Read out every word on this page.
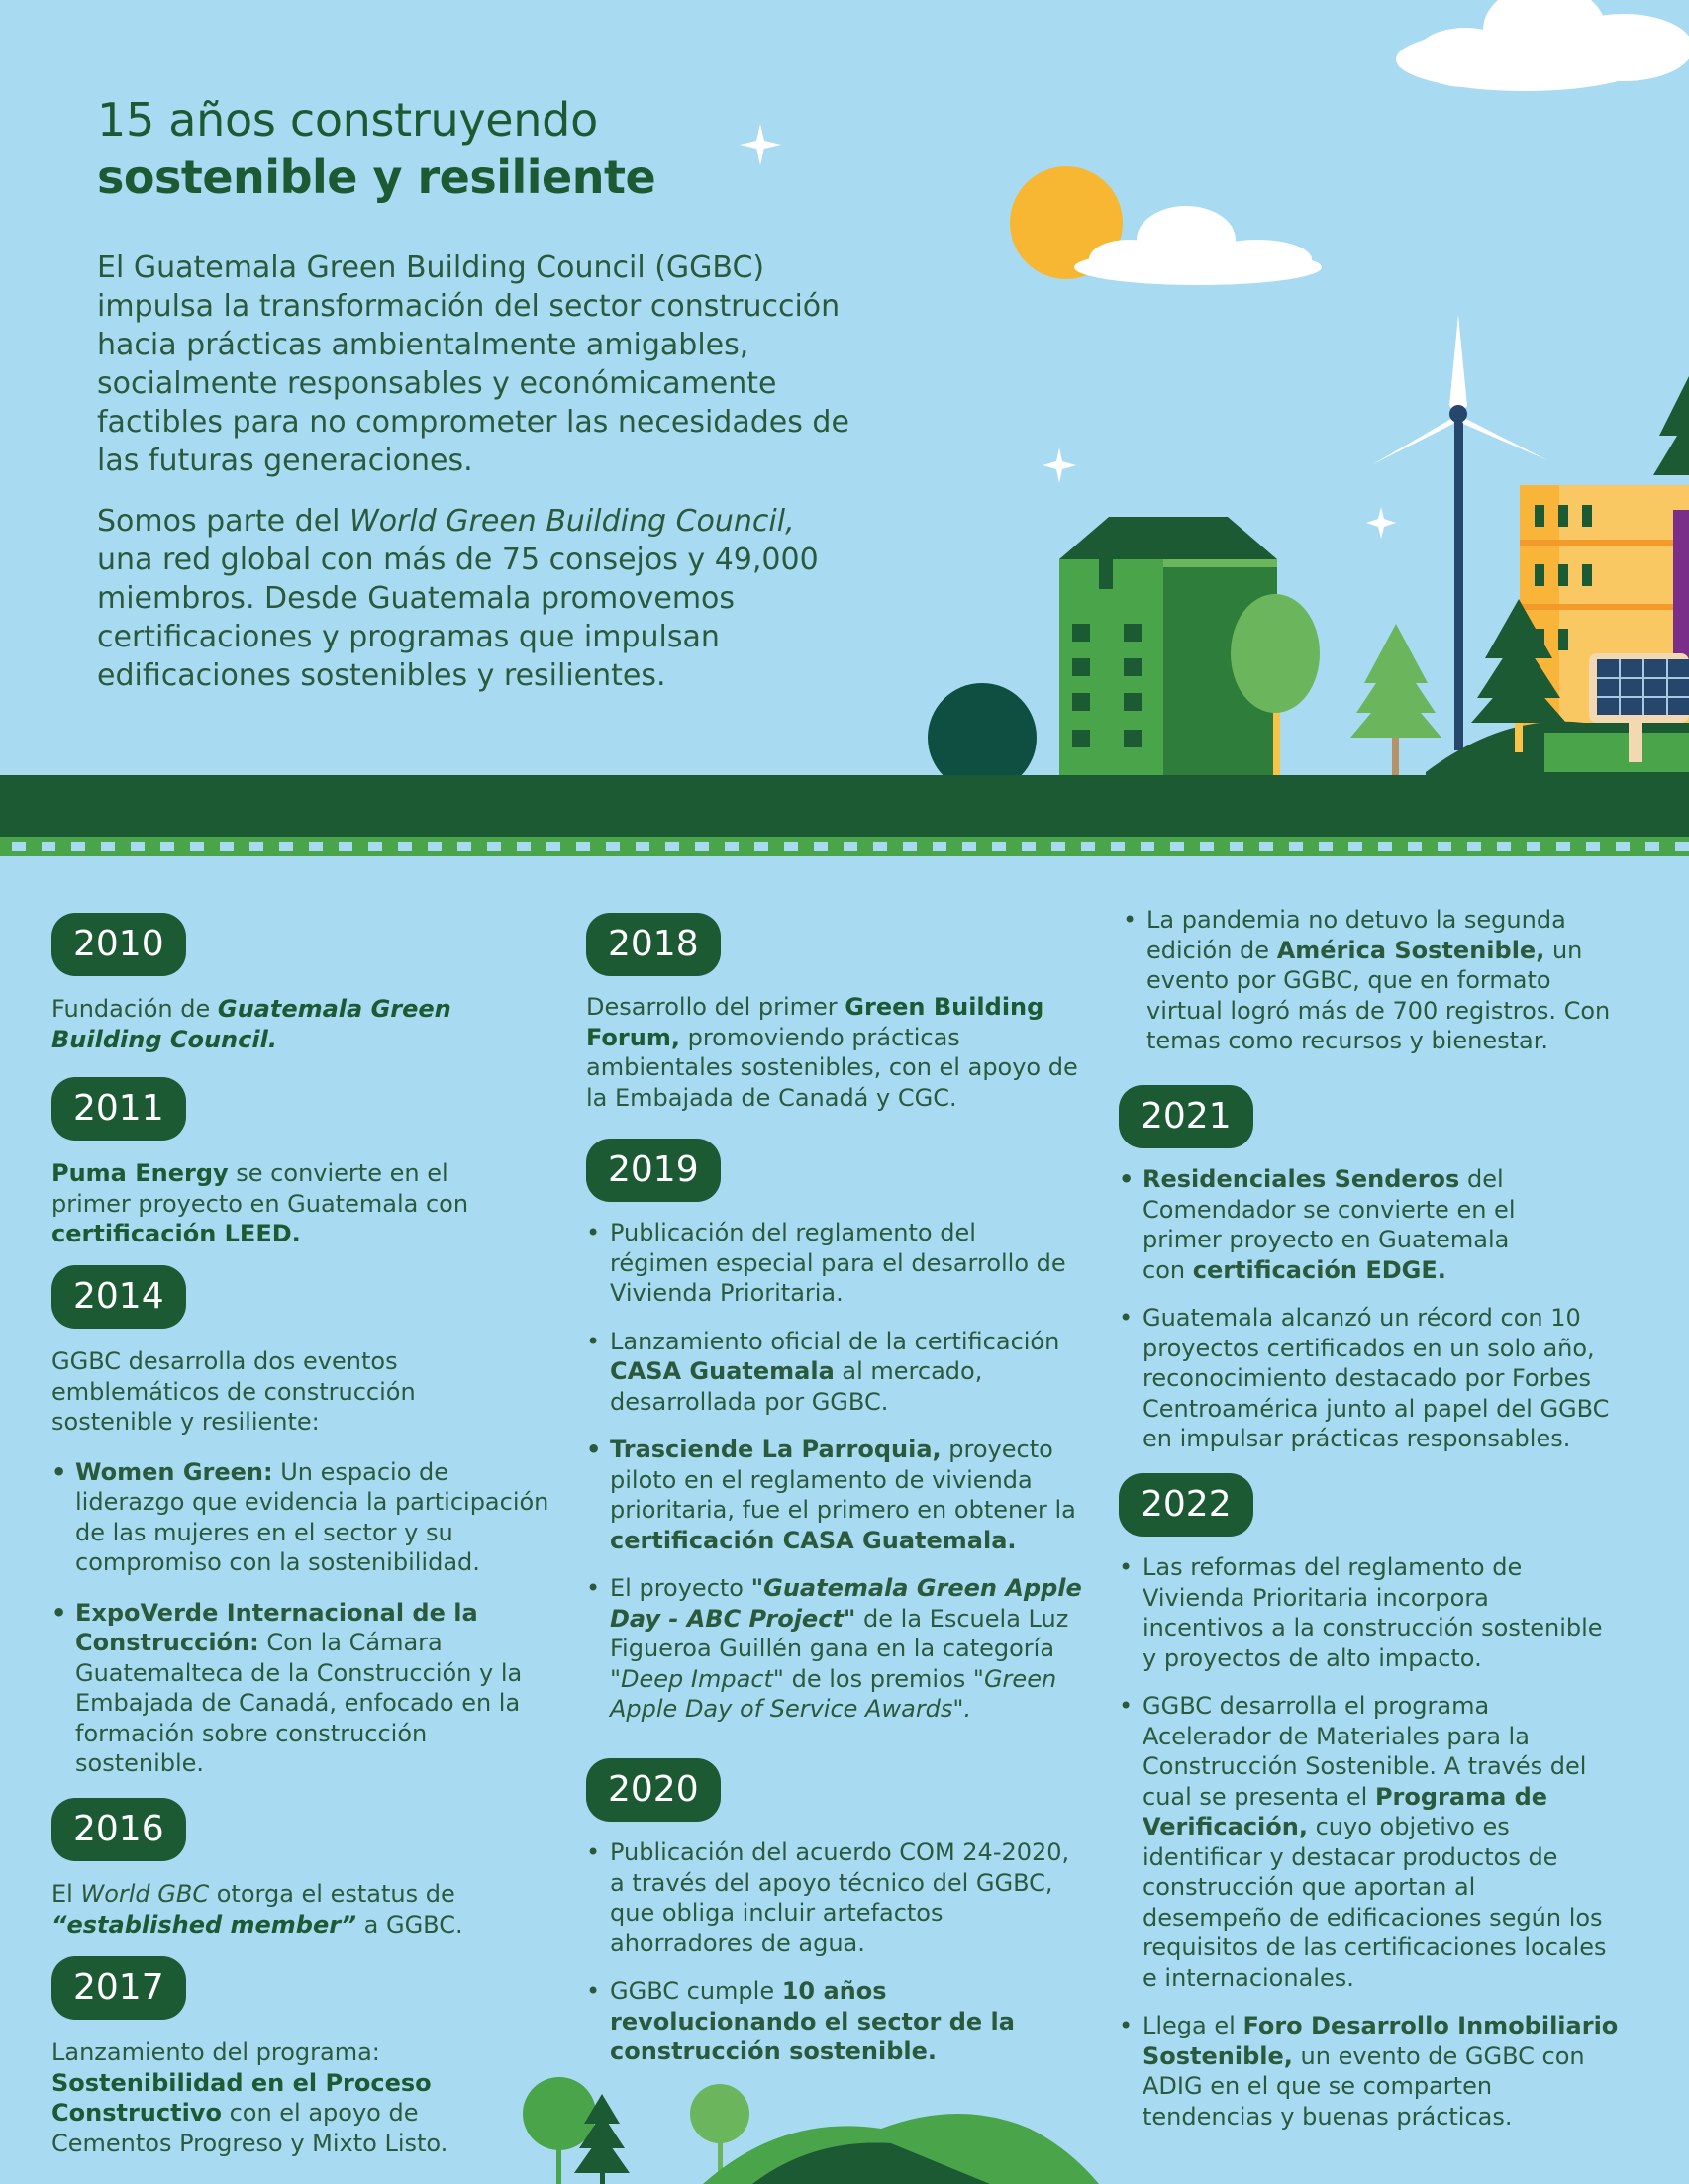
15 años construyendo
sostenible y resiliente
El Guatemala Green Building Council (GGBC)
impulsa la transformación del sector construcción
hacia prácticas ambientalmente amigables,
socialmente responsables y económicamente
factibles para no comprometer las necesidades de
las futuras generaciones.
Somos parte del World Green Building Council,
una red global con más de 75 consejos y 49,000
miembros. Desde Guatemala promovemos
certificaciones y programas que impulsan
edificaciones sostenibles y resilientes.
2010
Fundación de Guatemala Green
Building Council.
2011
Puma Energy se convierte en el
primer proyecto en Guatemala con
certificación LEED.
2014
GGBC desarrolla dos eventos
emblemáticos de construcción
sostenible y resiliente:
• Women Green: Un espacio de
liderazgo que evidencia la participación
de las mujeres en el sector y su
compromiso con la sostenibilidad.
• ExpoVerde Internacional de la
Construcción: Con la Cámara
Guatemalteca de la Construcción y la
Embajada de Canadá, enfocado en la
formación sobre construcción
sostenible.
2016
El World GBC otorga el estatus de
“established member” a GGBC.
2017
Lanzamiento del programa:
Sostenibilidad en el Proceso
Constructivo con el apoyo de
Cementos Progreso y Mixto Listo.
2018
Desarrollo del primer Green Building
Forum, promoviendo prácticas
ambientales sostenibles, con el apoyo de
la Embajada de Canadá y CGC.
2019
• Publicación del reglamento del
régimen especial para el desarrollo de
Vivienda Prioritaria.
• Lanzamiento oficial de la certificación
CASA Guatemala al mercado,
desarrollada por GGBC.
• Trasciende La Parroquia, proyecto
piloto en el reglamento de vivienda
prioritaria, fue el primero en obtener la
certificación CASA Guatemala.
• El proyecto "Guatemala Green Apple
Day - ABC Project" de la Escuela Luz
Figueroa Guillén gana en la categoría
"Deep Impact" de los premios "Green
Apple Day of Service Awards".
2020
• Publicación del acuerdo COM 24-2020,
a través del apoyo técnico del GGBC,
que obliga incluir artefactos
ahorradores de agua.
• GGBC cumple 10 años
revolucionando el sector de la
construcción sostenible.
• La pandemia no detuvo la segunda
edición de América Sostenible, un
evento por GGBC, que en formato
virtual logró más de 700 registros. Con
temas como recursos y bienestar.
2021
• Residenciales Senderos del
Comendador se convierte en el
primer proyecto en Guatemala
con certificación EDGE.
• Guatemala alcanzó un récord con 10
proyectos certificados en un solo año,
reconocimiento destacado por Forbes
Centroamérica junto al papel del GGBC
en impulsar prácticas responsables.
2022
• Las reformas del reglamento de
Vivienda Prioritaria incorpora
incentivos a la construcción sostenible
y proyectos de alto impacto.
• GGBC desarrolla el programa
Acelerador de Materiales para la
Construcción Sostenible. A través del
cual se presenta el Programa de
Verificación, cuyo objetivo es
identificar y destacar productos de
construcción que aportan al
desempeño de edificaciones según los
requisitos de las certificaciones locales
e internacionales.
• Llega el Foro Desarrollo Inmobiliario
Sostenible, un evento de GGBC con
ADIG en el que se comparten
tendencias y buenas prácticas.
